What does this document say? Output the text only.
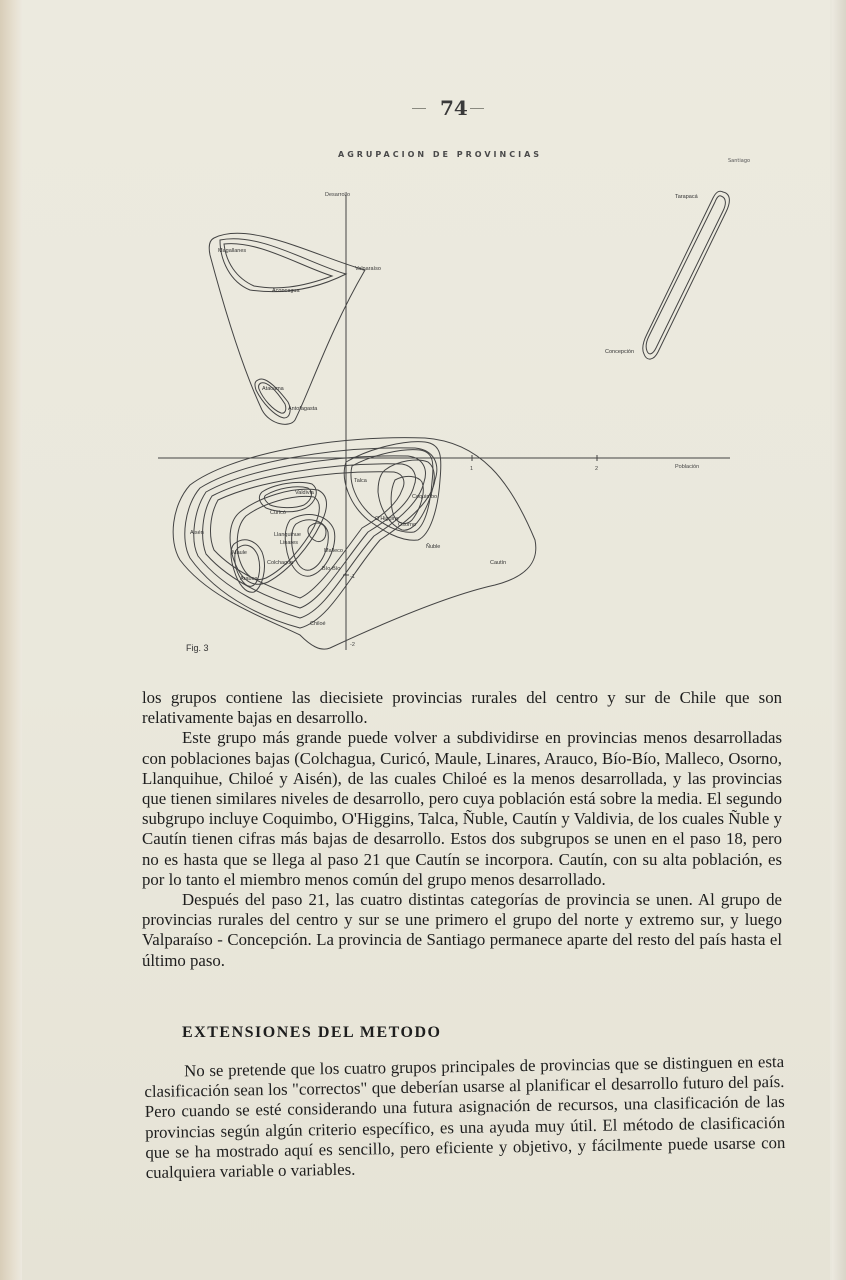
74
AGRUPACION DE PROVINCIAS
Santiago
Desarrollo
Población
1	2
-1
-2
Tarapacá
Concepción
Magallanes
Aconcagua
Valparaíso
Atacama
Antofagasta
Talca
Coquimbo
O'Higgins
Ñuble
Cautín
Valdivia
Curicó
Llanquihue
Linares
Malleco
Colchagua
Bío-Bío
Aisén
Maule
Arauco
Chiloé
Osorno
Fig. 3

los grupos contiene las diecisiete provincias rurales del centro y sur de Chile que son relativamente bajas en desarrollo.

Este grupo más grande puede volver a subdividirse en provincias menos desarrolladas con poblaciones bajas (Colchagua, Curicó, Maule, Linares, Arauco, Bío-Bío, Malleco, Osorno, Llanquihue, Chiloé y Aisén), de las cuales Chiloé es la menos desarrollada, y las provincias que tienen similares niveles de desarrollo, pero cuya población está sobre la media. El segundo subgrupo incluye Coquimbo, O'Higgins, Talca, Ñuble, Cautín y Valdivia, de los cuales Ñuble y Cautín tienen cifras más bajas de desarrollo. Estos dos subgrupos se unen en el paso 18, pero no es hasta que se llega al paso 21 que Cautín se incorpora. Cautín, con su alta población, es por lo tanto el miembro menos común del grupo menos desarrollado.

Después del paso 21, las cuatro distintas categorías de provincia se unen. Al grupo de provincias rurales del centro y sur se une primero el grupo del norte y extremo sur, y luego Valparaíso - Concepción. La provincia de Santiago permanece aparte del resto del país hasta el último paso.

EXTENSIONES DEL METODO

No se pretende que los cuatro grupos principales de provincias que se distinguen en esta clasificación sean los "correctos" que deberían usarse al planificar el desarrollo futuro del país. Pero cuando se esté considerando una futura asignación de recursos, una clasificación de las provincias según algún criterio específico, es una ayuda muy útil. El método de clasificación que se ha mostrado aquí es sencillo, pero eficiente y objetivo, y fácilmente puede usarse con cualquiera variable o variables.
